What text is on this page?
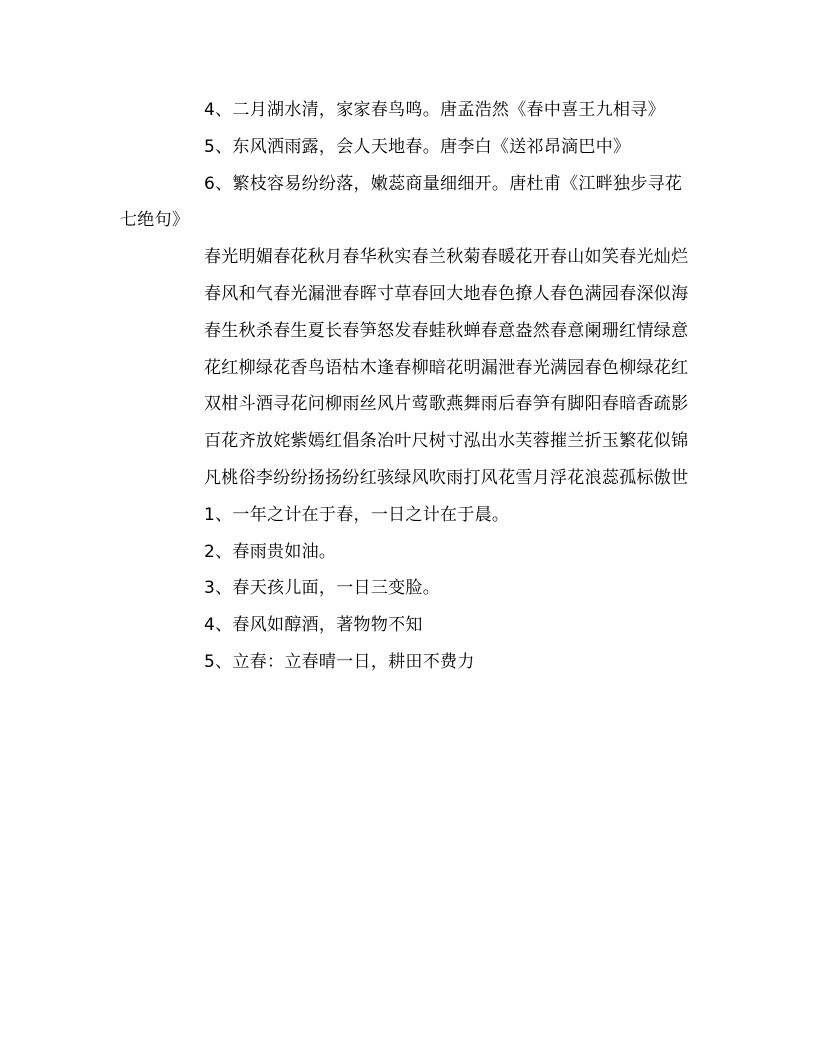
4、二月湖水清，家家春鸟鸣。唐孟浩然《春中喜王九相寻》

5、东风洒雨露，会人天地春。唐李白《送祁昂滴巴中》

6、繁枝容易纷纷落，嫩蕊商量细细开。唐杜甫《江畔独步寻花七绝句》

春光明媚春花秋月春华秋实春兰秋菊春暖花开春山如笑春光灿烂

春风和气春光漏泄春晖寸草春回大地春色撩人春色满园春深似海

春生秋杀春生夏长春笋怒发春蛙秋蝉春意盎然春意阑珊红情绿意

花红柳绿花香鸟语枯木逢春柳暗花明漏泄春光满园春色柳绿花红

双柑斗酒寻花问柳雨丝风片莺歌燕舞雨后春笋有脚阳春暗香疏影

百花齐放姹紫嫣红倡条冶叶尺树寸泓出水芙蓉摧兰折玉繁花似锦

凡桃俗李纷纷扬扬纷红骇绿风吹雨打风花雪月浮花浪蕊孤标傲世

1、一年之计在于春，一日之计在于晨。

2、春雨贵如油。

3、春天孩儿面，一日三变脸。

4、春风如醇酒，著物物不知

5、立春：立春晴一日，耕田不费力
